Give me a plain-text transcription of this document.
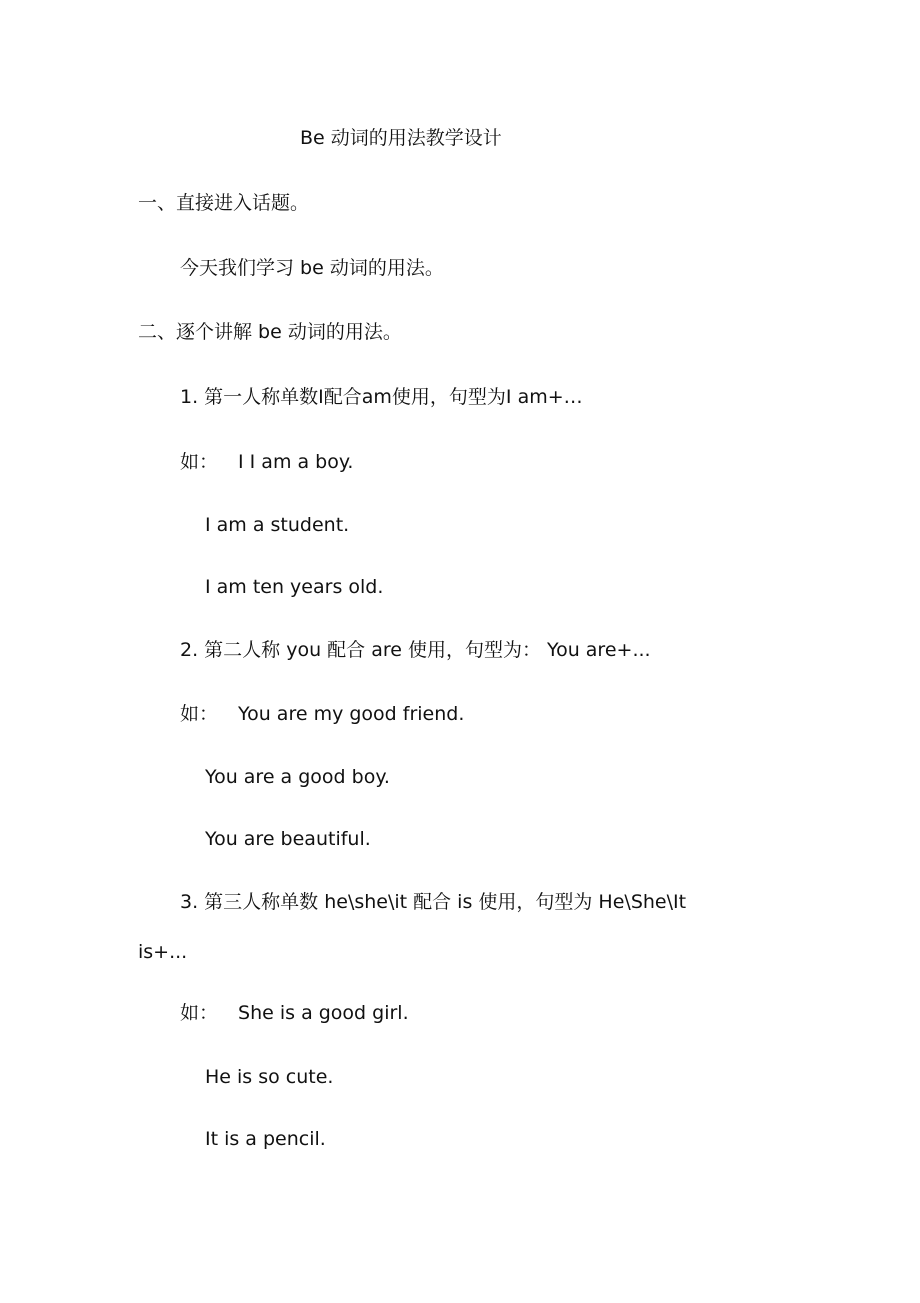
Be 动词的用法教学设计
一、直接进入话题。
今天我们学习 be 动词的用法。
二、逐个讲解 be 动词的用法。
1. 第一人称单数I配合am使用，句型为I am+…
如： I I am a boy.
I am a student.
I am ten years old.
2. 第二人称 you 配合 are 使用，句型为： You are+...
如： You are my good friend.
You are a good boy.
You are beautiful.
3. 第三人称单数 he\she\it 配合 is 使用，句型为 He\She\It
is+...
如： She is a good girl.
He is so cute.
It is a pencil.
